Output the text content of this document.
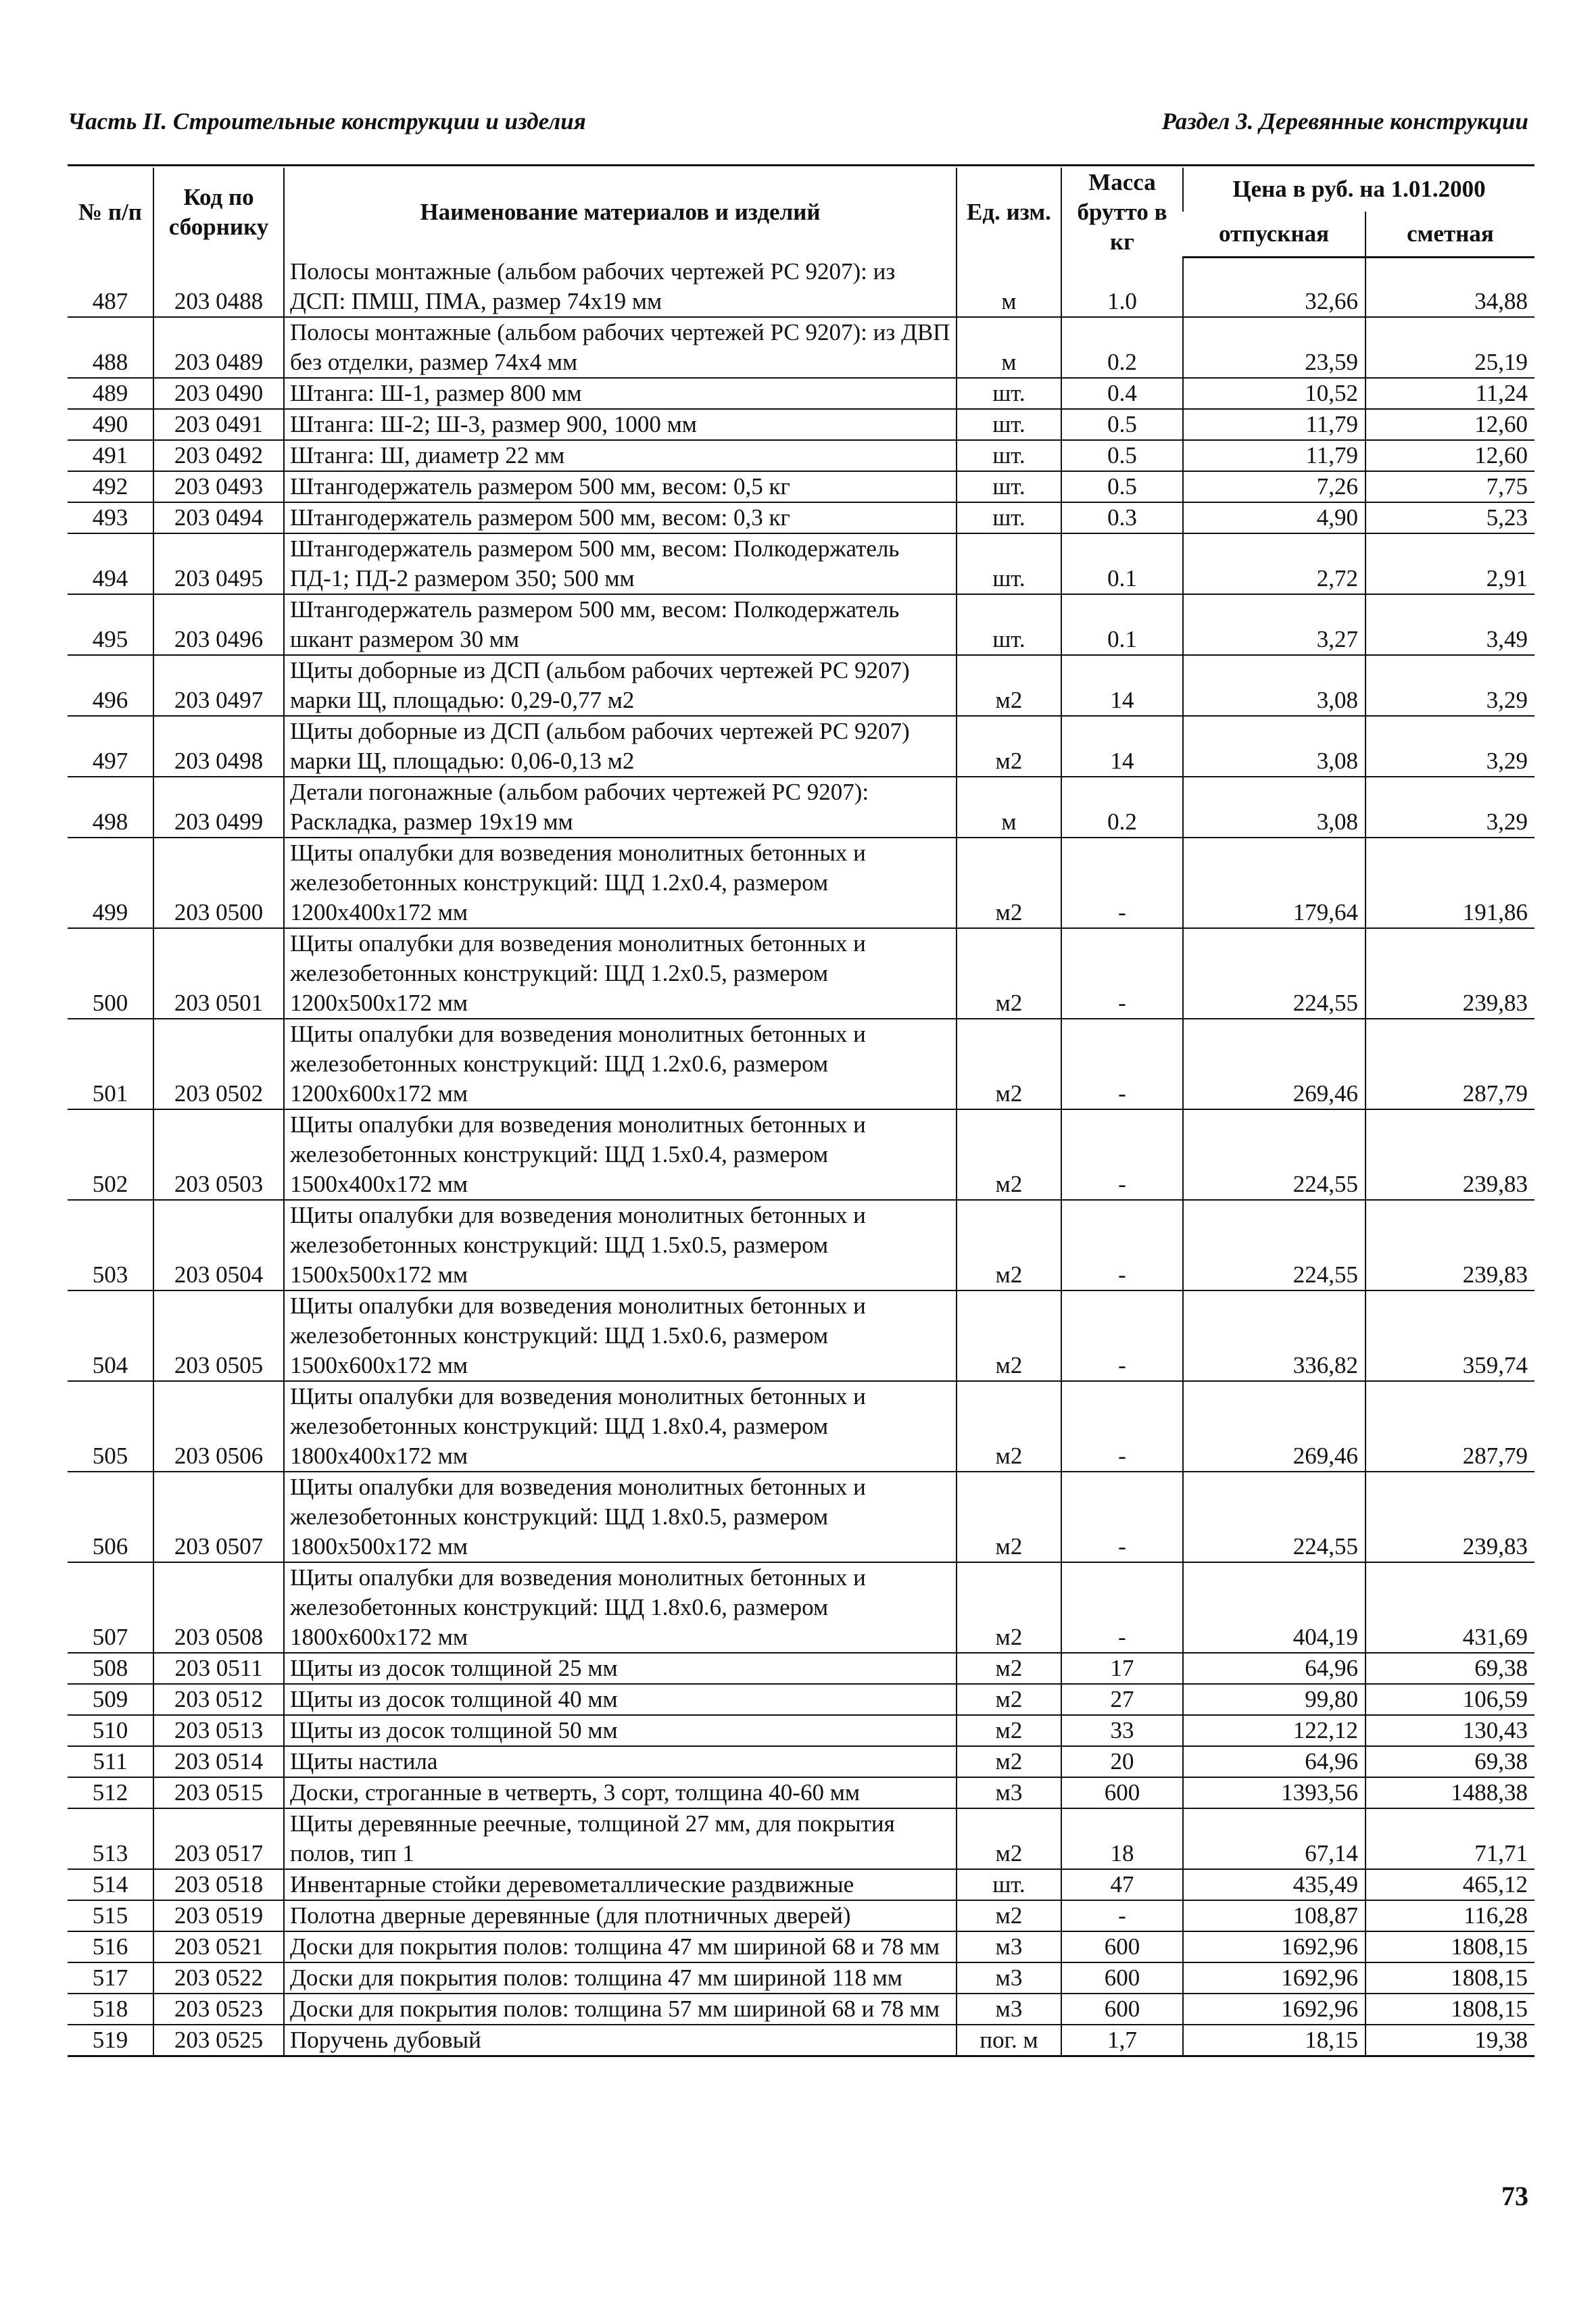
Часть II. Строительные конструкции и изделия	Раздел 3. Деревянные конструкции
№ п/п	Код по сборнику	Наименование материалов и изделий	Ед. изм.	Масса брутто в кг	Цена в руб. на 1.01.2000	
					отпускная	сметная
487	203 0488	Полосы монтажные (альбом рабочих чертежей РС 9207): из ДСП: ПМШ, ПМА, размер 74х19 мм	м	1.0	32,66	34,88
488	203 0489	Полосы монтажные (альбом рабочих чертежей РС 9207): из ДВП без отделки, размер 74х4 мм	м	0.2	23,59	25,19
489	203 0490	Штанга: Ш-1, размер 800 мм	шт.	0.4	10,52	11,24
490	203 0491	Штанга: Ш-2; Ш-3, размер 900, 1000 мм	шт.	0.5	11,79	12,60
491	203 0492	Штанга: Ш, диаметр 22 мм	шт.	0.5	11,79	12,60
492	203 0493	Штангодержатель размером 500 мм, весом: 0,5 кг	шт.	0.5	7,26	7,75
493	203 0494	Штангодержатель размером 500 мм, весом: 0,3 кг	шт.	0.3	4,90	5,23
494	203 0495	Штангодержатель размером 500 мм, весом: Полкодержатель ПД-1; ПД-2 размером 350; 500 мм	шт.	0.1	2,72	2,91
495	203 0496	Штангодержатель размером 500 мм, весом: Полкодержатель шкант размером 30 мм	шт.	0.1	3,27	3,49
496	203 0497	Щиты доборные из ДСП (альбом рабочих чертежей РС 9207) марки Щ, площадью: 0,29-0,77 м2	м2	14	3,08	3,29
497	203 0498	Щиты доборные из ДСП (альбом рабочих чертежей РС 9207) марки Щ, площадью: 0,06-0,13 м2	м2	14	3,08	3,29
498	203 0499	Детали погонажные (альбом рабочих чертежей РС 9207): Раскладка, размер 19х19 мм	м	0.2	3,08	3,29
499	203 0500	Щиты опалубки для возведения монолитных бетонных и железобетонных конструкций: ЩД 1.2х0.4, размером 1200х400х172 мм	м2	-	179,64	191,86
500	203 0501	Щиты опалубки для возведения монолитных бетонных и железобетонных конструкций: ЩД 1.2х0.5, размером 1200х500х172 мм	м2	-	224,55	239,83
501	203 0502	Щиты опалубки для возведения монолитных бетонных и железобетонных конструкций: ЩД 1.2х0.6, размером 1200х600х172 мм	м2	-	269,46	287,79
502	203 0503	Щиты опалубки для возведения монолитных бетонных и железобетонных конструкций: ЩД 1.5х0.4, размером 1500х400х172 мм	м2	-	224,55	239,83
503	203 0504	Щиты опалубки для возведения монолитных бетонных и железобетонных конструкций: ЩД 1.5х0.5, размером 1500х500х172 мм	м2	-	224,55	239,83
504	203 0505	Щиты опалубки для возведения монолитных бетонных и железобетонных конструкций: ЩД 1.5х0.6, размером 1500х600х172 мм	м2	-	336,82	359,74
505	203 0506	Щиты опалубки для возведения монолитных бетонных и железобетонных конструкций: ЩД 1.8х0.4, размером 1800х400х172 мм	м2	-	269,46	287,79
506	203 0507	Щиты опалубки для возведения монолитных бетонных и железобетонных конструкций: ЩД 1.8х0.5, размером 1800х500х172 мм	м2	-	224,55	239,83
507	203 0508	Щиты опалубки для возведения монолитных бетонных и железобетонных конструкций: ЩД 1.8х0.6, размером 1800х600х172 мм	м2	-	404,19	431,69
508	203 0511	Щиты из досок толщиной 25 мм	м2	17	64,96	69,38
509	203 0512	Щиты из досок толщиной 40 мм	м2	27	99,80	106,59
510	203 0513	Щиты из досок толщиной 50 мм	м2	33	122,12	130,43
511	203 0514	Щиты настила	м2	20	64,96	69,38
512	203 0515	Доски, строганные в четверть, 3 сорт, толщина 40-60 мм	м3	600	1393,56	1488,38
513	203 0517	Щиты деревянные реечные, толщиной 27 мм, для покрытия полов, тип 1	м2	18	67,14	71,71
514	203 0518	Инвентарные стойки деревометаллические раздвижные	шт.	47	435,49	465,12
515	203 0519	Полотна дверные деревянные (для плотничных дверей)	м2	-	108,87	116,28
516	203 0521	Доски для покрытия полов: толщина 47 мм шириной 68 и 78 мм	м3	600	1692,96	1808,15
517	203 0522	Доски для покрытия полов: толщина 47 мм шириной 118 мм	м3	600	1692,96	1808,15
518	203 0523	Доски для покрытия полов: толщина 57 мм шириной 68 и 78 мм	м3	600	1692,96	1808,15
519	203 0525	Поручень дубовый	пог. м	1,7	18,15	19,38
73
